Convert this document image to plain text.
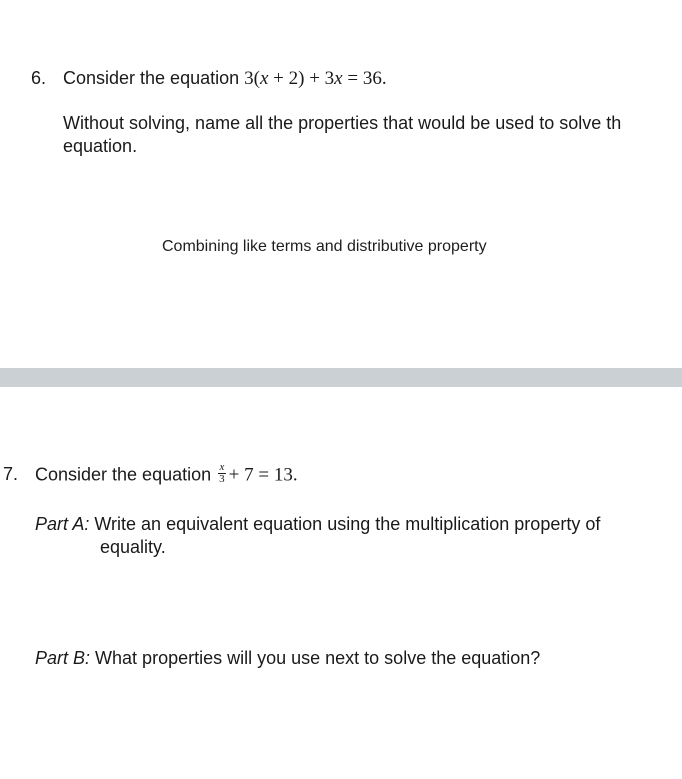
6. Consider the equation 3(x + 2) + 3x = 36.
Without solving, name all the properties that would be used to solve th
equation.
Combining like terms and distributive property
7. Consider the equation $\frac{x}{3} + 7 = 13$.
Part A: Write an equivalent equation using the multiplication property of
equality.
Part B: What properties will you use next to solve the equation?
